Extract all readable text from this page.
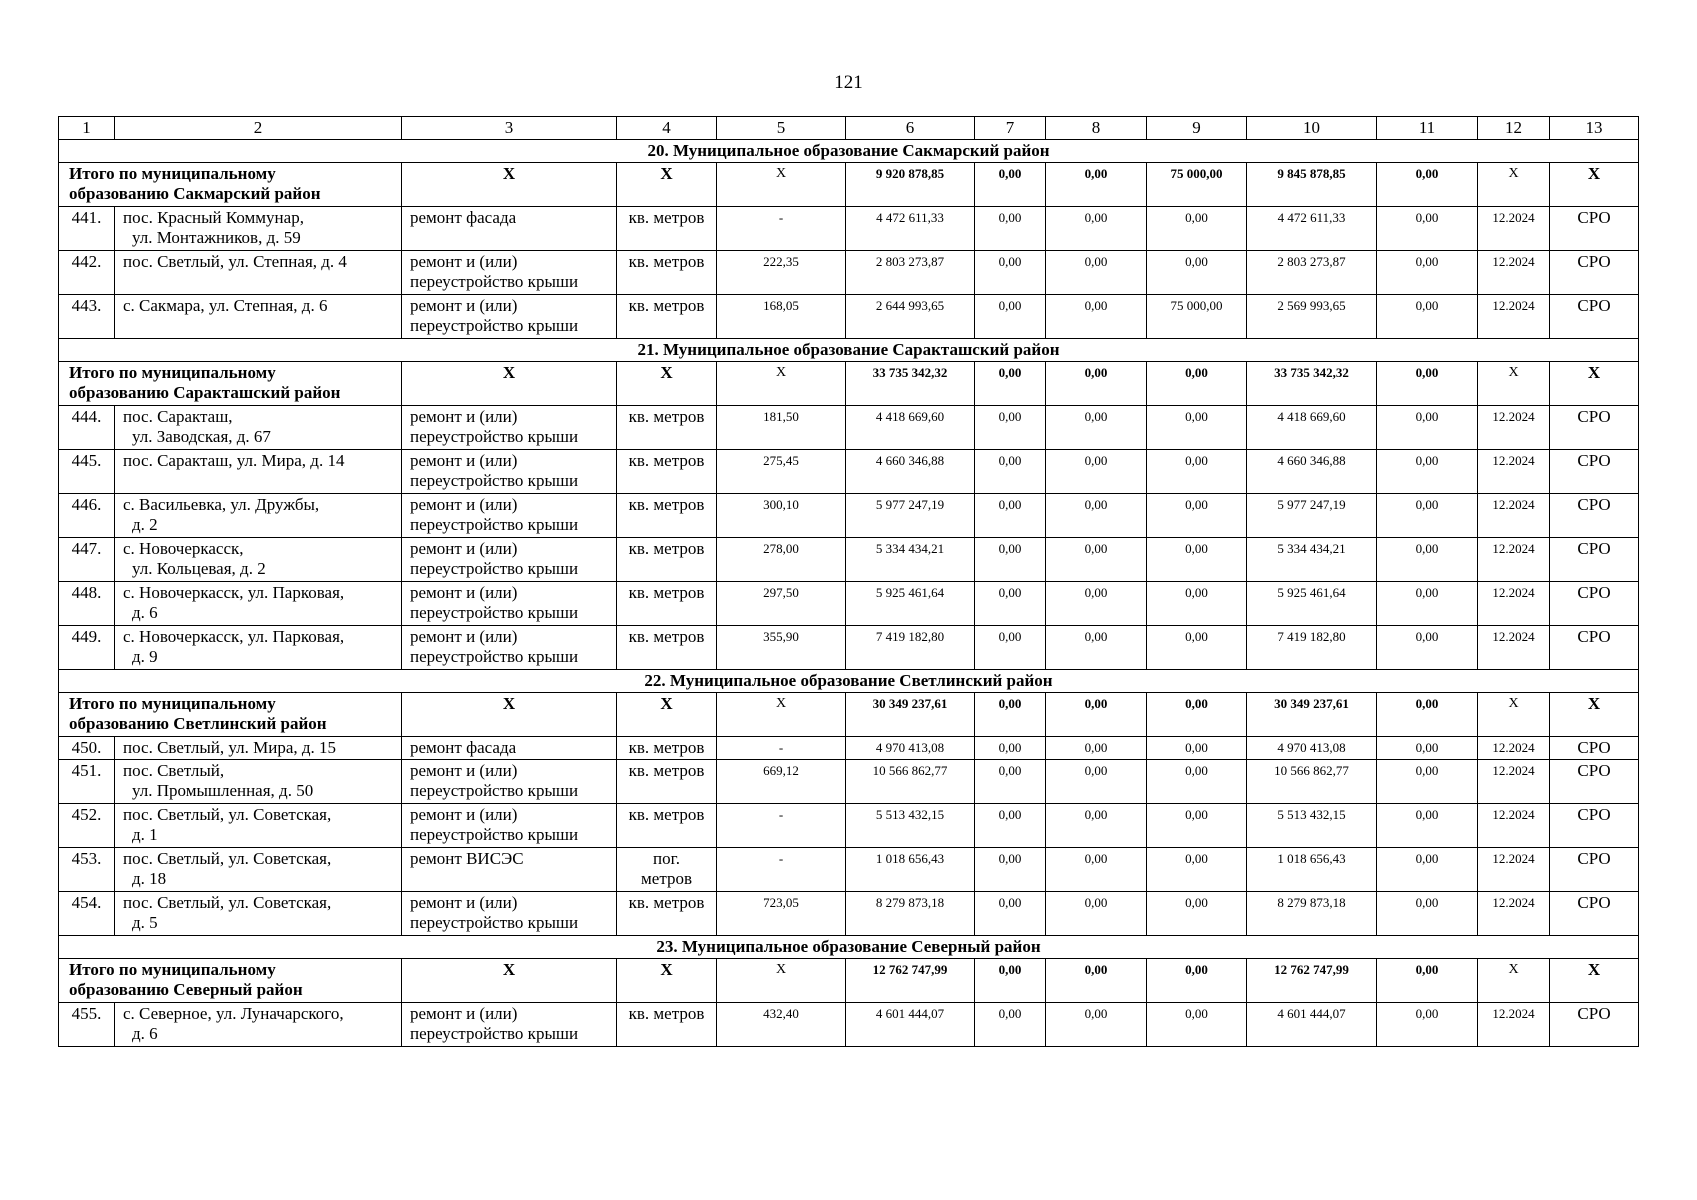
121
1	2	3	4	5	6	7	8	9	10	11	12	13
20. Муниципальное образование Сакмарский район												
Итого по муниципальному
образованию Сакмарский район		X	X	X	9 920 878,85	0,00	0,00	75 000,00	9 845 878,85	0,00	X	X
441.	пос. Красный Коммунар,
ул. Монтажников, д. 59	ремонт фасада	кв. метров	-	4 472 611,33	0,00	0,00	0,00	4 472 611,33	0,00	12.2024	СРО
442.	пос. Светлый, ул. Степная, д. 4	ремонт и (или)
переустройство крыши	кв. метров	222,35	2 803 273,87	0,00	0,00	0,00	2 803 273,87	0,00	12.2024	СРО
443.	с. Сакмара, ул. Степная, д. 6	ремонт и (или)
переустройство крыши	кв. метров	168,05	2 644 993,65	0,00	0,00	75 000,00	2 569 993,65	0,00	12.2024	СРО
21. Муниципальное образование Саракташский район												
Итого по муниципальному
образованию Саракташский район		X	X	X	33 735 342,32	0,00	0,00	0,00	33 735 342,32	0,00	X	X
444.	пос. Саракташ,
ул. Заводская, д. 67	ремонт и (или)
переустройство крыши	кв. метров	181,50	4 418 669,60	0,00	0,00	0,00	4 418 669,60	0,00	12.2024	СРО
445.	пос. Саракташ, ул. Мира, д. 14	ремонт и (или)
переустройство крыши	кв. метров	275,45	4 660 346,88	0,00	0,00	0,00	4 660 346,88	0,00	12.2024	СРО
446.	с. Васильевка, ул. Дружбы,
д. 2	ремонт и (или)
переустройство крыши	кв. метров	300,10	5 977 247,19	0,00	0,00	0,00	5 977 247,19	0,00	12.2024	СРО
447.	с. Новочеркасск,
ул. Кольцевая, д. 2	ремонт и (или)
переустройство крыши	кв. метров	278,00	5 334 434,21	0,00	0,00	0,00	5 334 434,21	0,00	12.2024	СРО
448.	с. Новочеркасск, ул. Парковая,
д. 6	ремонт и (или)
переустройство крыши	кв. метров	297,50	5 925 461,64	0,00	0,00	0,00	5 925 461,64	0,00	12.2024	СРО
449.	с. Новочеркасск, ул. Парковая,
д. 9	ремонт и (или)
переустройство крыши	кв. метров	355,90	7 419 182,80	0,00	0,00	0,00	7 419 182,80	0,00	12.2024	СРО
22. Муниципальное образование Светлинский район												
Итого по муниципальному
образованию Светлинский район		X	X	X	30 349 237,61	0,00	0,00	0,00	30 349 237,61	0,00	X	X
450.	пос. Светлый, ул. Мира, д. 15	ремонт фасада	кв. метров	-	4 970 413,08	0,00	0,00	0,00	4 970 413,08	0,00	12.2024	СРО
451.	пос. Светлый,
ул. Промышленная, д. 50	ремонт и (или)
переустройство крыши	кв. метров	669,12	10 566 862,77	0,00	0,00	0,00	10 566 862,77	0,00	12.2024	СРО
452.	пос. Светлый, ул. Советская,
д. 1	ремонт и (или)
переустройство крыши	кв. метров	-	5 513 432,15	0,00	0,00	0,00	5 513 432,15	0,00	12.2024	СРО
453.	пос. Светлый, ул. Советская,
д. 18	ремонт ВИСЭС	пог.
метров	-	1 018 656,43	0,00	0,00	0,00	1 018 656,43	0,00	12.2024	СРО
454.	пос. Светлый, ул. Советская,
д. 5	ремонт и (или)
переустройство крыши	кв. метров	723,05	8 279 873,18	0,00	0,00	0,00	8 279 873,18	0,00	12.2024	СРО
23. Муниципальное образование Северный район												
Итого по муниципальному
образованию Северный район		X	X	X	12 762 747,99	0,00	0,00	0,00	12 762 747,99	0,00	X	X
455.	с. Северное, ул. Луначарского,
д. 6	ремонт и (или)
переустройство крыши	кв. метров	432,40	4 601 444,07	0,00	0,00	0,00	4 601 444,07	0,00	12.2024	СРО
